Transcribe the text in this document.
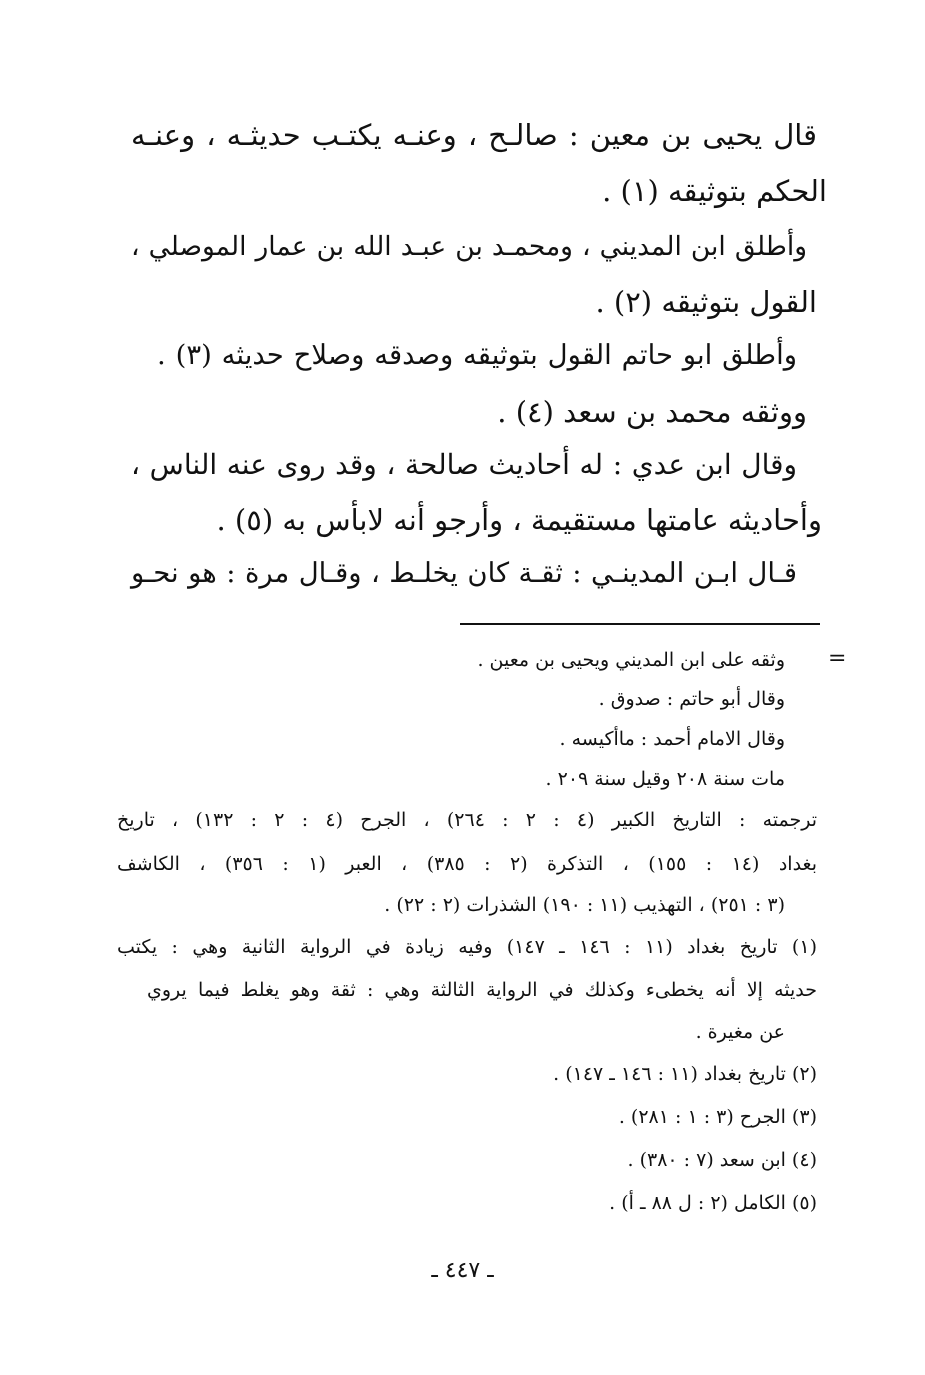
قال يحيى بن معين : صالـح ، وعنـه يكتـب حديثـه ، وعنـه
الحكم بتوثيقه (١) .
وأطلق ابن المديني ، ومحمـد بن عبـد الله بن عمار الموصلي ،
القول بتوثيقه (٢) .
وأطلق ابو حاتم القول بتوثيقه وصدقه وصلاح حديثه (٣) .
ووثقه محمد بن سعد (٤) .
وقال ابن عدي : له أحاديث صالحة ، وقد روى عنه الناس ،
وأحاديثه عامتها مستقيمة ، وأرجو أنه لابأس به (٥) .
قـال ابـن المدينـي : ثقـة كان يخلـط ، وقـال مرة : هو نحـو
=
وثقه على ابن المديني ويحيى بن معين .
وقال أبو حاتم : صدوق .
وقال الامام أحمد : ماأكيسه .
مات سنة ٢٠٨ وقيل سنة ٢٠٩ .
ترجمته : التاريخ الكبير (٤ : ٢ : ٢٦٤) ، الجرح (٤ : ٢ : ١٣٢) ، تاريخ
بغداد (١٤ : ١٥٥) ، التذكرة (٢ : ٣٨٥) ، العبر (١ : ٣٥٦) ، الكاشف
(٣ : ٢٥١) ، التهذيب (١١ : ١٩٠) الشذرات (٢ : ٢٢) .
(١) تاريخ بغداد (١١ : ١٤٦ ـ ١٤٧) وفيه زيادة في الرواية الثانية وهي : يكتب
حديثه إلا أنه يخطىء وكذلك في الرواية الثالثة وهي : ثقة وهو يغلط فيما يروي
عن مغيرة .
(٢) تاريخ بغداد (١١ : ١٤٦ ـ ١٤٧) .
(٣) الجرح (٣ : ١ : ٢٨١) .
(٤) ابن سعد (٧ : ٣٨٠) .
(٥) الكامل (٢ : ل ٨٨ ـ أ) .
ـ ٤٤٧ ـ
